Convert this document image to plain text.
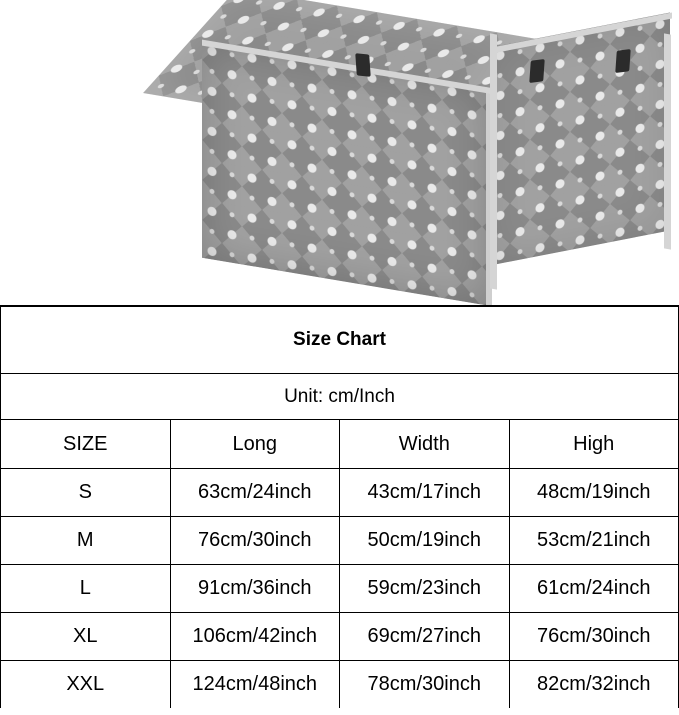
Size Chart			
Unit: cm/Inch			
SIZE	Long	Width	High
S	63cm/24inch	43cm/17inch	48cm/19inch
M	76cm/30inch	50cm/19inch	53cm/21inch
L	91cm/36inch	59cm/23inch	61cm/24inch
XL	106cm/42inch	69cm/27inch	76cm/30inch
XXL	124cm/48inch	78cm/30inch	82cm/32inch
